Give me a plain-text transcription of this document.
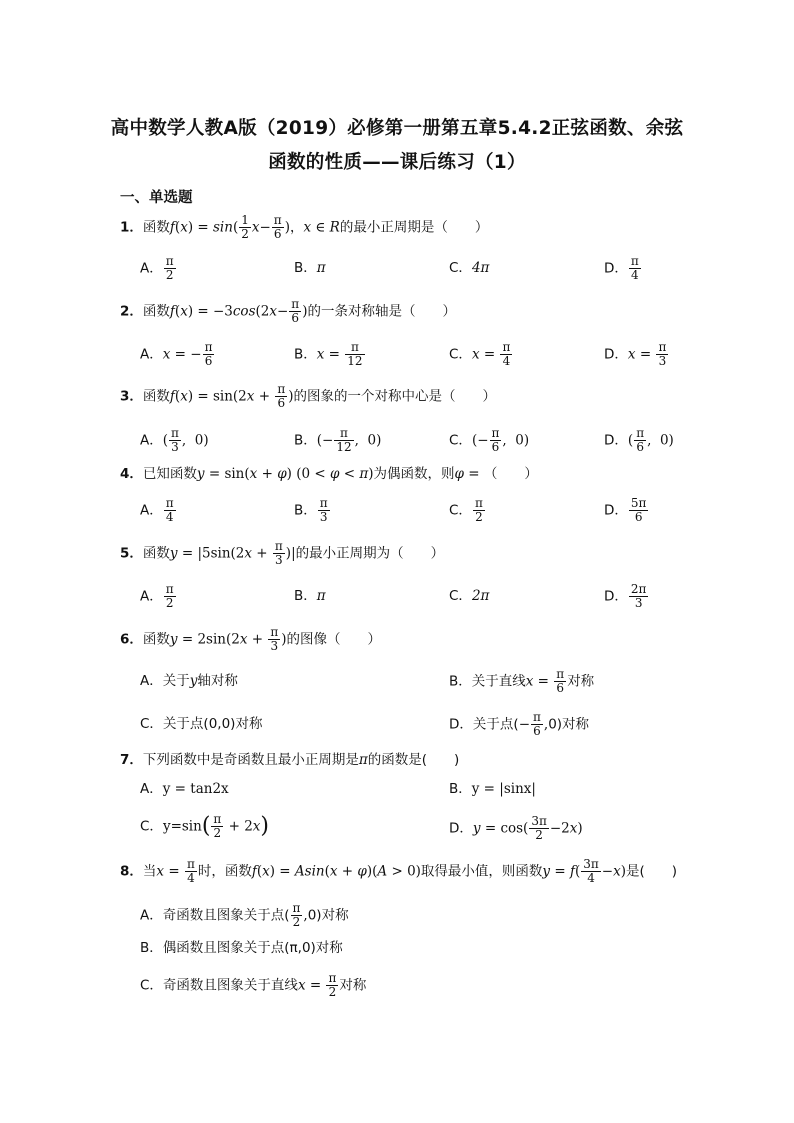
高中数学人教A版（2019）必修第一册第五章5.4.2正弦函数、余弦
函数的性质——课后练习（1）
一、单选题
1．函数$f(x) = \sin( \frac{1}{2} x- \frac{\pi}{6}$ )，x ∈ R的最小正周期是（　　）
A． $\frac{\pi}{2}$	B．π	C．4π	D． $\frac{\pi}{4}$
2．函数$f(x) = -3\cos(2x- \frac{\pi}{6}$ )的一条对称轴是（　　）
A．x = − $\frac{\pi}{6}$	B．$x = \frac{\pi}{12}$	C．$x = \frac{\pi}{4}$	D．$x = \frac{\pi}{3}$
3．函数$f(x) = \sin(2x + \frac{\pi}{6}$ )的图象的一个对称中心是（　　）
A．( $\frac{\pi}{3}$ ,  0)	B．(− $\frac{\pi}{12}$ ,  0)	C．(− $\frac{\pi}{6}$ ,  0)	D．( $\frac{\pi}{6}$ ,  0)
4．已知函数y = sin(x + φ) (0 < φ < π)为偶函数，则φ = （　　）
A． $\frac{\pi}{4}$	B． $\frac{\pi}{3}$	C． $\frac{\pi}{2}$	D． $\frac{5\pi}{6}$
5．函数$y = |5\sin(2x + \frac{\pi}{3}$ )|的最小正周期为（　　）
A． $\frac{\pi}{2}$	B．π	C．2π	D． $\frac{2\pi}{3}$
6．函数$y = 2\sin(2x + \frac{\pi}{3}$ )的图像（　　）
A．关于y轴对称	B．关于直线$x = \frac{\pi}{6}$ 对称
C．关于点(0,0)对称	D．关于点(− $\frac{\pi}{6} ,0$)对称
7．下列函数中是奇函数且最小正周期是π的函数是(　　)
A．y = tan2x	B．y = |sinx|
C．$y=\sin( \frac{\pi}{2} + 2x)$	D．$y = \cos( \frac{3\pi}{2} -2x)$
8．当$x = \frac{\pi}{4}$ 时，函数f(x) = Asin(x + φ)(A > 0)取得最小值，则函数$y = f( \frac{3\pi}{4} -x)$是(　　)
A．奇函数且图象关于点( $\frac{\pi}{2} ,0$)对称
B．偶函数且图象关于点(π,0)对称
C．奇函数且图象关于直线$x = \frac{\pi}{2}$ 对称
